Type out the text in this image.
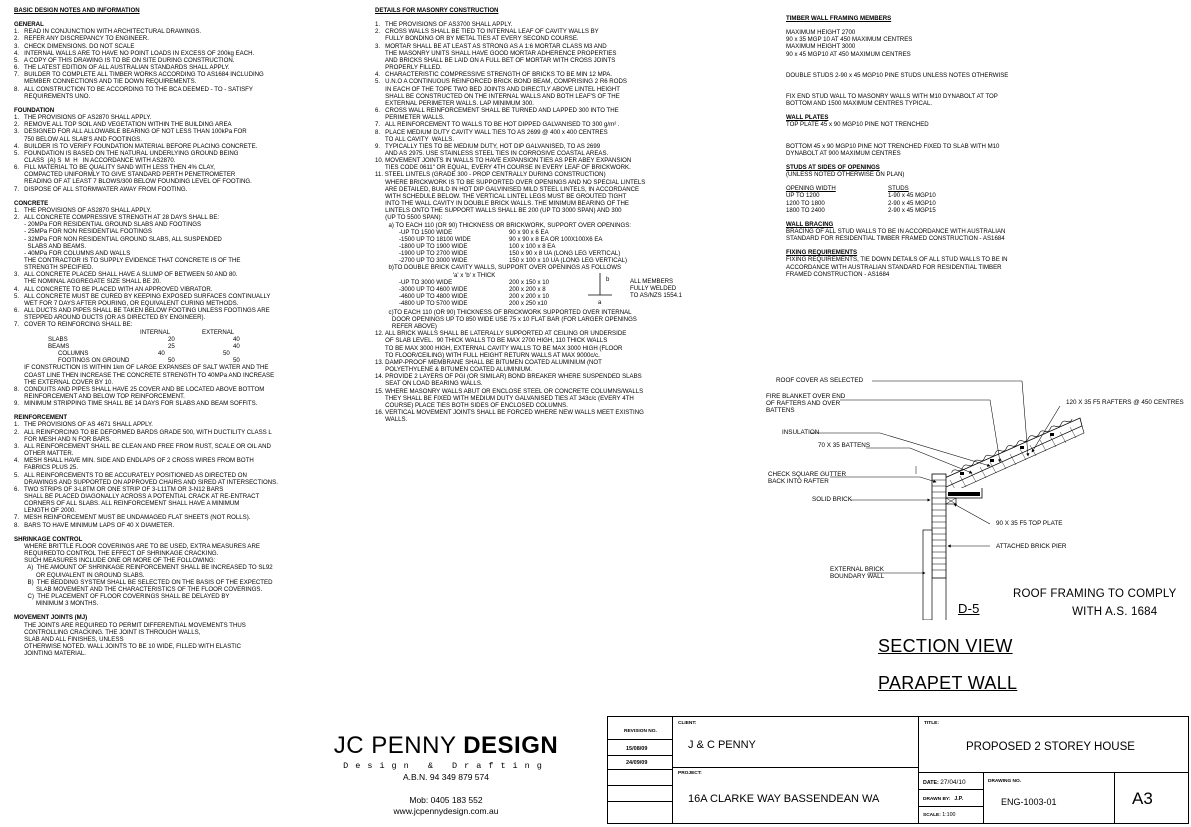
BASIC DESIGN NOTES AND INFORMATION
GENERAL
1.   READ IN CONJUNCTION WITH ARCHITECTURAL DRAWINGS.
2.   REFER ANY DISCREPANCY TO ENGINEER.
3.   CHECK DIMENSIONS. DO NOT SCALE
4.   INTERNAL WALLS ARE TO HAVE NO POINT LOADS IN EXCESS OF 200kg EACH.
5.   A COPY OF THIS DRAWING IS TO BE ON SITE DURING CONSTRUCTION.
6.   THE LATEST EDITION OF ALL AUSTRALIAN STANDARDS SHALL APPLY.
7.   BUILDER TO COMPLETE ALL TIMBER WORKS ACCORDING TO AS1684 INCLUDING
MEMBER CONNECTIONS AND TIE DOWN REQUIREMENTS.
8.   ALL CONSTRUCTION TO BE ACCORDING TO THE BCA DEEMED - TO - SATISFY
REQUIREMENTS UNO.
FOUNDATION
1.   THE PROVISIONS OF AS2870 SHALL APPLY.
2.   REMOVE ALL TOP SOIL AND VEGETATION WITHIN THE BUILDING AREA
3.   DESIGNED FOR ALL ALLOWABLE BEARING OF NOT LESS THAN 100kPa FOR
750 BELOW ALL SLAB'S AND FOOTINGS.
4.   BUILDER IS TO VERIFY FOUNDATION MATERIAL BEFORE PLACING CONCRETE.
5.   FOUNDATION IS BASED ON THE NATURAL UNDERLYING GROUND BEING
CLASS  (A) S  M  H   IN ACCORDANCE WITH AS2870.
6.   FILL MATERIAL TO BE QUALITY SAND WITH LESS THEN 4% CLAY,
COMPACTED UNIFORMLY TO GIVE STANDARD PERTH PENETROMETER
READING OF AT LEAST 7 BLOWS/300 BELOW FOUNDING LEVEL OF FOOTING.
7.   DISPOSE OF ALL STORMWATER AWAY FROM FOOTING.
CONCRETE
1.   THE PROVISIONS OF AS2870 SHALL APPLY.
2.   ALL CONCRETE COMPRESSIVE STRENGTH AT 28 DAYS SHALL BE:
- 20MPa FOR RESIDENTIAL GROUND SLABS AND FOOTINGS
- 25MPa FOR NON RESIDENTIAL FOOTINGS
- 32MPa FOR NON RESIDENTIAL GROUND SLABS, ALL SUSPENDED
SLABS AND BEAMS.
- 40MPa FOR COLUMNS AND WALLS
THE CONTRACTOR IS TO SUPPLY EVIDENCE THAT CONCRETE IS OF THE
STRENGTH SPECIFIED.
3.   ALL CONCRETE PLACED SHALL HAVE A SLUMP OF BETWEEN 50 AND 80.
THE NOMINAL AGGREGATE SIZE SHALL BE 20.
4.   ALL CONCRETE TO BE PLACED WITH AN APPROVED VIBRATOR.
5.   ALL CONCRETE MUST BE CURED BY KEEPING EXPOSED SURFACES CONTINUALLY
WET FOR 7 DAYS AFTER POURING, OR EQUIVALENT CURING METHODS.
6.   ALL DUCTS AND PIPES SHALL BE TAKEN BELOW FOOTING UNLESS FOOTINGS ARE
STEPPED AROUND DUCTS (OR AS DIRECTED BY ENGINEER).
7.   COVER TO REINFORCING SHALL BE:
INTERNAL	EXTERNAL
SLABS	20	40
BEAMS	25	40
COLUMNS	40	50
FOOTINGS ON GROUND	50	50
IF CONSTRUCTION IS WITHIN 1km OF LARGE EXPANSES OF SALT WATER AND THE
COAST LINE THEN INCREASE THE CONCRETE STRENGTH TO 40MPa AND INCREASE
THE EXTERNAL COVER BY 10.
8.   CONDUITS AND PIPES SHALL HAVE 25 COVER AND BE LOCATED ABOVE BOTTOM
REINFORCEMENT AND BELOW TOP REINFORCEMENT.
9.   MINIMUM STRIPPING TIME SHALL BE 14 DAYS FOR SLABS AND BEAM SOFFITS.
REINFORCEMENT
1.   THE PROVISIONS OF AS 4671 SHALL APPLY.
2.   ALL REINFORCING TO BE DEFORMED BARDS GRADE 500, WITH DUCTILITY CLASS L
FOR MESH AND N FOR BARS.
3.   ALL REINFORCEMENT SHALL BE CLEAN AND FREE FROM RUST, SCALE OR OIL AND
OTHER MATTER.
4.   MESH SHALL HAVE MIN. SIDE AND ENDLAPS OF 2 CROSS WIRES FROM BOTH
FABRICS PLUS 25.
5.   ALL REINFORCEMENTS TO BE ACCURATELY POSITIONED AS DIRECTED ON
DRAWINGS AND SUPPORTED ON APPROVED CHAIRS AND SIRED AT INTERSECTIONS.
6.   TWO STRIPS OF 3-L8TM OR ONE STRIP OF 3-L11TM OR 3-N12 BARS
SHALL BE PLACED DIAGONALLY ACROSS A POTENTIAL CRACK AT RE-ENTRACT
CORNERS OF ALL SLABS. ALL REINFORCEMENT SHALL HAVE A MINIMUM
LENGTH OF 2000.
7.   MESH REINFORCEMENT MUST BE UNDAMAGED FLAT SHEETS (NOT ROLLS).
8.   BARS TO HAVE MINIMUM LAPS OF 40 X DIAMETER.
SHRINKAGE CONTROL
WHERE BRITTLE FLOOR COVERINGS ARE TO BE USED, EXTRA MEASURES ARE
REQUIREDTO CONTROL THE EFFECT OF SHRINKAGE CRACKING.
SUCH MEASURES INCLUDE ONE OR MORE OF THE FOLLOWING:
A)  THE AMOUNT OF SHRINKAGE REINFORCEMENT SHALL BE INCREASED TO SL92
OR EQUIVALENT IN GROUND SLABS.
B)  THE BEDDING SYSTEM SHALL BE SELECTED ON THE BASIS OF THE EXPECTED
SLAB MOVEMENT AND THE CHARACTERISTICS OF THE FLOOR COVERINGS.
C)  THE PLACEMENT OF FLOOR COVERINGS SHALL BE DELAYED BY
MINIMUM 3 MONTHS.
MOVEMENT JOINTS (MJ)
THE JOINTS ARE REQUIRED TO PERMIT DIFFERENTIAL MOVEMENTS THUS
CONTROLLING CRACKING. THE JOINT IS THROUGH WALLS,
SLAB AND ALL FINISHES, UNLESS
OTHERWISE NOTED. WALL JOINTS TO BE 10 WIDE, FILLED WITH ELASTIC
JOINTING MATERIAL.
DETAILS FOR MASONRY CONSTRUCTION
1.   THE PROVISIONS OF AS3700 SHALL APPLY.
2.   CROSS WALLS SHALL BE TIED TO INTERNAL LEAF OF CAVITY WALLS BY
FULLY BONDING OR BY METAL TIES AT EVERY SECOND COURSE.
3.   MORTAR SHALL BE AT LEAST AS STRONG AS A 1:6 MORTAR CLASS M3 AND
THE MASONRY UNITS SHALL HAVE GOOD MORTAR ADHERENCE PROPERTIES
AND BRICKS SHALL BE LAID ON A FULL BET OF MORTAR WITH CROSS JOINTS
PROPERLY FILLED.
4.   CHARACTERISTIC COMPRESSIVE STRENGTH OF BRICKS TO BE MIN 12 MPA.
5.   U.N.O A CONTINUOUS REINFORCED BRICK BOND BEAM, COMPRISING 2 R6 RODS
IN EACH OF THE TOPE TWO BED JOINTS AND DIRECTLY ABOVE LINTEL HEIGHT
SHALL BE CONSTRUCTED ON THE INTERNAL WALLS AND BOTH LEAF'S OF THE
EXTERNAL PERIMETER WALLS. LAP MINIMUM 300.
6.   CROSS WALL REINFORCEMENT SHALL BE TURNED AND LAPPED 300 INTO THE
PERIMETER WALLS.
7.   ALL REINFORCEMENT TO WALLS TO BE HOT DIPPED GALVANISED TO 300 g/m² .
8.   PLACE MEDIUM DUTY CAVITY WALL TIES TO AS 2699 @ 400 x 400 CENTRES
TO ALL CAVITY  WALLS.
9.   TYPICALLY TIES TO BE MEDIUM DUTY, HOT DIP GALVANISED, TO AS 2699
AND AS 2975. USE STAINLESS STEEL TIES IN CORROSIVE COASTAL AREAS.
10. MOVEMENT JOINTS IN WALLS TO HAVE EXPANSION TIES AS PER ABEY EXPANSION
TIES CODE 0611" OR EQUAL, EVERY 4TH COURSE IN EVERY LEAF OF BRICKWORK.
11. STEEL LINTELS (GRADE 300 - PROP CENTRALLY DURING CONSTRUCTION)
WHERE BRICKWORK IS TO BE SUPPORTED OVER OPENINGS AND NO SPECIAL LINTELS
ARE DETAILED, BUILD IN HOT DIP GALVINISED MILD STEEL LINTELS, IN ACCORDANCE
WITH SCHEDULE BELOW. THE VERTICAL LINTEL LEGS MUST BE GROUTED TIGHT
INTO THE WALL CAVITY IN DOUBLE BRICK WALLS. THE MINIMUM BEARING OF THE
LINTELS ONTO THE SUPPORT WALLS SHALL BE 200 (UP TO 3000 SPAN) AND 300
(UP TO 5500 SPAN):
a) TO EACH 110 (OR 90) THICKNESS OR BRICKWORK, SUPPORT OVER OPENINGS:
-UP TO 1500 WIDE	90 x 90 x 6 EA
-1500 UP TO 18100 WIDE	90 x 90 x 8 EA OR 100X100X6 EA
-1800 UP TO 1900 WIDE	100 x 100 x 8 EA
-1900 UP TO 2700 WIDE	150 x 90 x 8 UA (LONG LEG VERTICAL)
-2700 UP TO 3000 WIDE	150 x 100 x 10 UA (LONG LEG VERTICAL)
b)TO DOUBLE BRICK CAVITY WALLS, SUPPORT OVER OPENINGS AS FOLLOWS
'a' x 'b' x THICK
-UP TO 3000 WIDE	200 x 150 x 10
-3000 UP TO 4600 WIDE	200 x 200 x 8
-4600 UP TO 4800 WIDE	200 x 200 x 10
-4800 UP TO 5700 WIDE	200 x 250 x10
b
a
ALL MEMBERS
FULLY WELDED
TO AS/NZS 1554.1
c)TO EACH 110 (OR 90) THICKNESS OF BRICKWORK SUPPORTED OVER INTERNAL
DOOR OPENINGS UP TO 850 WIDE USE 75 x 10 FLAT BAR (FOR LARGER OPENINGS
REFER ABOVE)
12. ALL BRICK WALLS SHALL BE LATERALLY SUPPORTED AT CEILING OR UNDERSIDE
OF SLAB LEVEL.  90 THICK WALLS TO BE MAX 2700 HIGH, 110 THICK WALLS
TO BE MAX 3000 HIGH, EXTERNAL CAVITY WALLS TO BE MAX 3000 HIGH (FLOOR
TO FLOOR/CEILING) WITH FULL HEIGHT RETURN WALLS AT MAX 9000c/c.
13. DAMP-PROOF MEMBRANE SHALL BE BITUMEN COATED ALUMINIUM (NOT
POLYETHYLENE & BITUMEN COATED ALUMINIUM.
14. PROVIDE 2 LAYERS OF PGI (OR SIMILAR) BOND BREAKER WHERE SUSPENDED SLABS
SEAT ON LOAD BEARING WALLS.
15. WHERE MASONRY WALLS ABUT OR ENCLOSE STEEL OR CONCRETE COLUMNS/WALLS
THEY SHALL BE FIXED WITH MEDIUM DUTY GALVANISED TIES AT 343c/c (EVERY 4TH
COURSE) PLACE TIES BOTH SIDES OF ENCLOSED COLUMNS.
16. VERTICAL MOVEMENT JOINTS SHALL BE FORCED WHERE NEW WALLS MEET EXISTING
WALLS.
TIMBER WALL FRAMING MEMBERS
MAXIMUM HEIGHT 2700
90 x 35 MGP 10 AT 450 MAXIMUM CENTRES
MAXIMUM HEIGHT 3000
90 x 45 MGP10 AT 450 MAXIMUM CENTRES
DOUBLE STUDS 2-90 x 45 MGP10 PINE STUDS UNLESS NOTES OTHERWISE
FIX END STUD WALL TO MASONRY WALLS WITH M10 DYNABOLT AT TOP
BOTTOM AND 1500 MAXIMUM CENTRES TYPICAL.
WALL PLATES
TOP PLATE 45 x 90 MGP10 PINE NOT TRENCHED
BOTTOM 45 x 90 MGP10 PINE NOT TRENCHED FIXED TO SLAB WITH M10
DYNABOLT AT 900 MAXIMUM CENTRES
STUDS AT SIDES OF OPENINGS
(UNLESS NOTED OTHERWISE ON PLAN)
OPENING WIDTH	STUDS
UP TO 1200	1-90 x 45 MGP10
1200 TO 1800	2-90 x 45 MGP10
1800 TO 2400	2-90 x 45 MGP15
WALL BRACING
BRACING OF ALL STUD WALLS TO BE IN ACCORDANCE WITH AUSTRALIAN
STANDARD FOR RESIDENTIAL TIMBER FRAMED CONSTRUCTION - AS1684
FIXING REQUIREMENTS
FIXING REQUIREMENTS, TIE DOWN DETAILS OF ALL STUD WALLS TO BE IN
ACCORDANCE WITH AUSTRALIAN STANDARD FOR RESIDENTIAL TIMBER
FRAMED CONSTRUCTION - AS1684
ROOF COVER AS SELECTED
FIRE BLANKET OVER END
OF RAFTERS AND OVER
BATTENS
120 X 35 F5 RAFTERS @ 450 CENTRES
INSULATION
70 X 35 BATTENS
CHECK SQUARE GUTTER
BACK INTO RAFTER
SOLID BRICK
90 X 35 F5 TOP PLATE
ATTACHED BRICK PIER
EXTERNAL BRICK
BOUNDARY WALL
D-5
ROOF FRAMING TO COMPLY
WITH A.S. 1684
SECTION VIEW
PARAPET WALL
JC PENNY DESIGN
Design & Drafting
A.B.N. 94 349 879 574
Mob: 0405 183 552
www.jcpennydesign.com.au
REVISION NO.
15/08/09
24/09/09
CLIENT:
J & C PENNY
PROJECT:
16A CLARKE WAY BASSENDEAN WA
TITLE:
PROPOSED 2 STOREY HOUSE
DATE: 27/04/10
DRAWN BY: J.P.
SCALE: 1:100
DRAWING NO.
ENG-1003-01	A3
